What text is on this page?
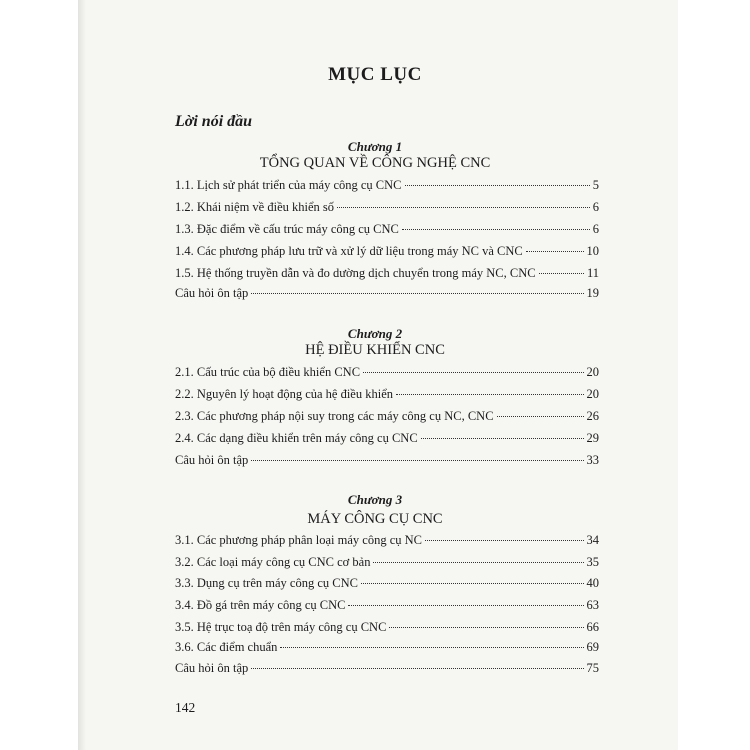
MỤC LỤC
Lời nói đầu
Chương 1
TỔNG QUAN VỀ CÔNG NGHỆ CNC
1.1. Lịch sử phát triển của máy công cụ CNC	5
1.2. Khái niệm về điều khiển số	6
1.3. Đặc điểm về cấu trúc máy công cụ CNC	6
1.4. Các phương pháp lưu trữ và xử lý dữ liệu trong máy NC và CNC	10
1.5. Hệ thống truyền dẫn và đo dường dịch chuyển trong máy NC, CNC	11
Câu hỏi ôn tập	19
Chương 2
HỆ ĐIỀU KHIỂN CNC
2.1. Cấu trúc của bộ điều khiển CNC	20
2.2. Nguyên lý hoạt động của hệ điều khiển	20
2.3. Các phương pháp nội suy trong các máy công cụ NC, CNC	26
2.4. Các dạng điều khiển trên máy công cụ CNC	29
Câu hỏi ôn tập	33
Chương 3
MÁY CÔNG CỤ CNC
3.1. Các phương pháp phân loại máy công cụ NC	34
3.2. Các loại máy công cụ CNC cơ bản	35
3.3. Dụng cụ trên máy công cụ CNC	40
3.4. Đồ gá trên máy công cụ CNC	63
3.5. Hệ trục toạ độ trên máy công cụ CNC	66
3.6. Các điểm chuẩn	69
Câu hỏi ôn tập	75
142
